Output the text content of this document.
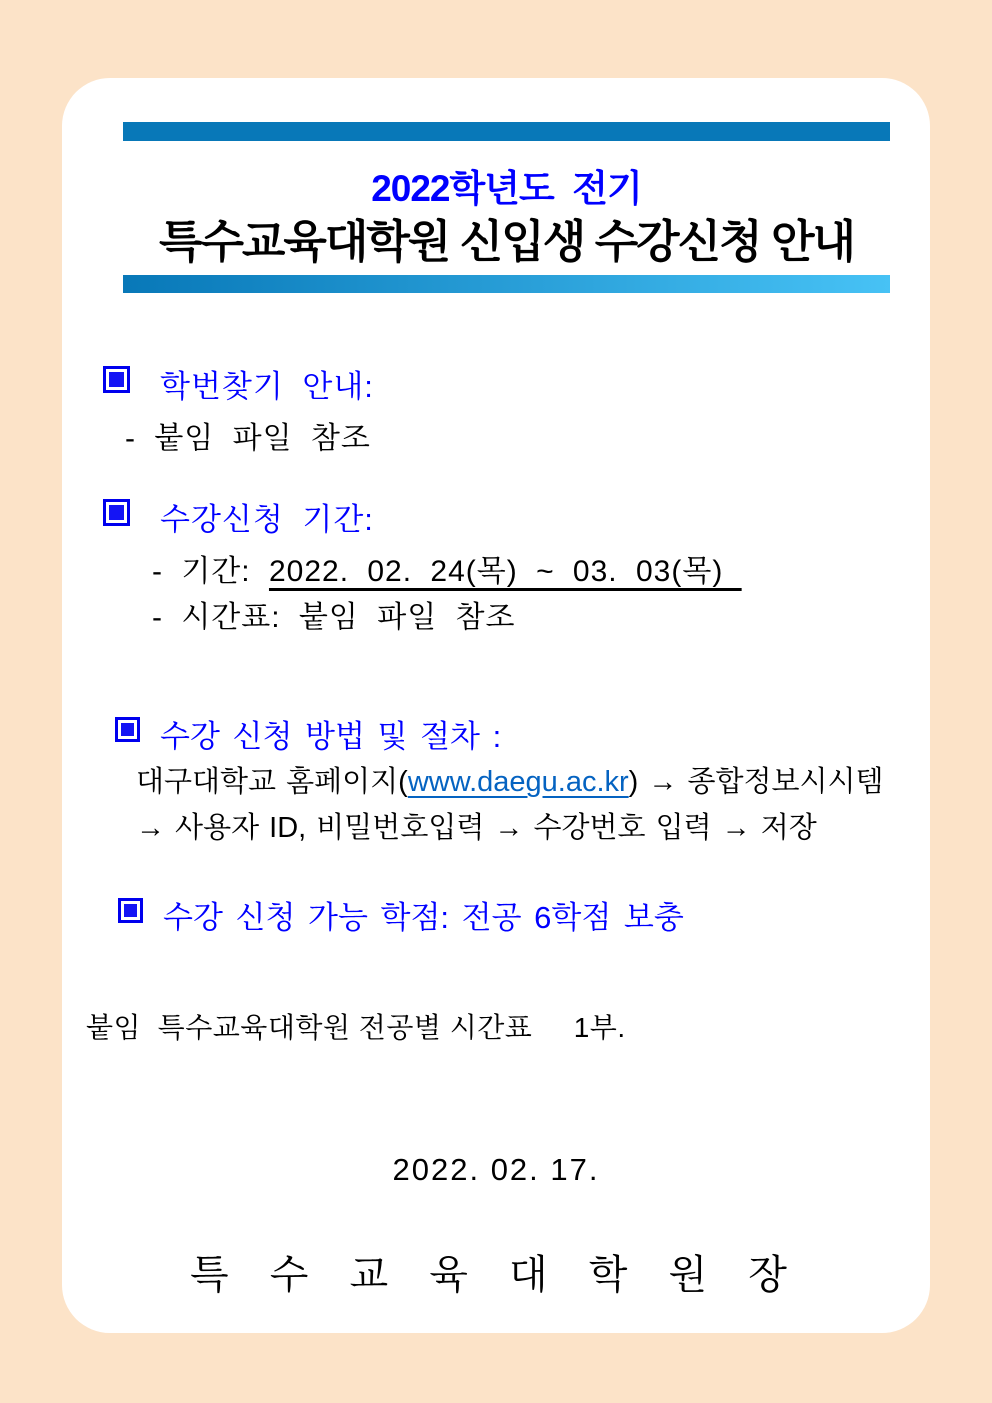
2022학년도  전기
특수교육대학원 신입생 수강신청 안내
학번찾기 안내:
- 붙임 파일 참조
수강신청 기간:
- 기간: 2022. 02. 24(목) ~ 03. 03(목)
- 시간표: 붙임 파일 참조
수강 신청 방법 및 절차 :
대구대학교 홈페이지(www.daegu.ac.kr) → 종합정보시시템
→ 사용자 ID, 비밀번호입력 → 수강번호 입력 → 저장
수강 신청 가능 학점: 전공 6학점 보충
붙임  특수교육대학원 전공별 시간표     1부.
2022. 02. 17.
특 수 교 육 대 학 원 장
